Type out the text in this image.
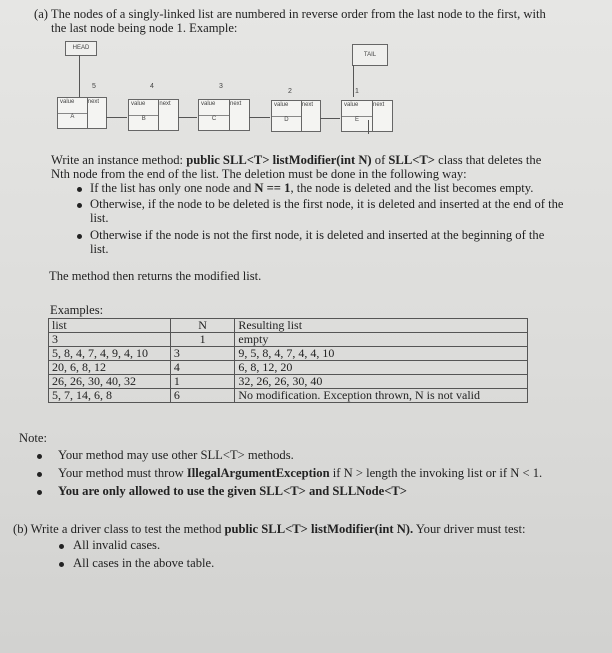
(a) The nodes of a singly-linked list are numbered in reverse order from the last node to the first, with
the last node being node 1. Example:
HEAD
TAIL
5	4	3
2	1
value next
A
value next
B
value next
C
value next
D
value next
E
Write an instance method: public SLL<T> listModifier(int N) of SLL<T> class that deletes the
Nth node from the end of the list. The deletion must be done in the following way:
If the list has only one node and N == 1, the node is deleted and the list becomes empty.
Otherwise, if the node to be deleted is the first node, it is deleted and inserted at the end of the
list.
Otherwise if the node is not the first node, it is deleted and inserted at the beginning of the
list.
The method then returns the modified list.
Examples:
list	N	Resulting list
3	1	empty
5, 8, 4, 7, 4, 9, 4, 10	3	9, 5, 8, 4, 7, 4, 4, 10
20, 6, 8, 12	4	6, 8, 12, 20
26, 26, 30, 40, 32	1	32, 26, 26, 30, 40
5, 7, 14, 6, 8	6	No modification. Exception thrown, N is not valid
Note:
Your method may use other SLL<T> methods.
Your method must throw IllegalArgumentException if N > length the invoking list or if N < 1.
You are only allowed to use the given SLL<T> and SLLNode<T>
(b) Write a driver class to test the method public SLL<T> listModifier(int N). Your driver must test:
All invalid cases.
All cases in the above table.
